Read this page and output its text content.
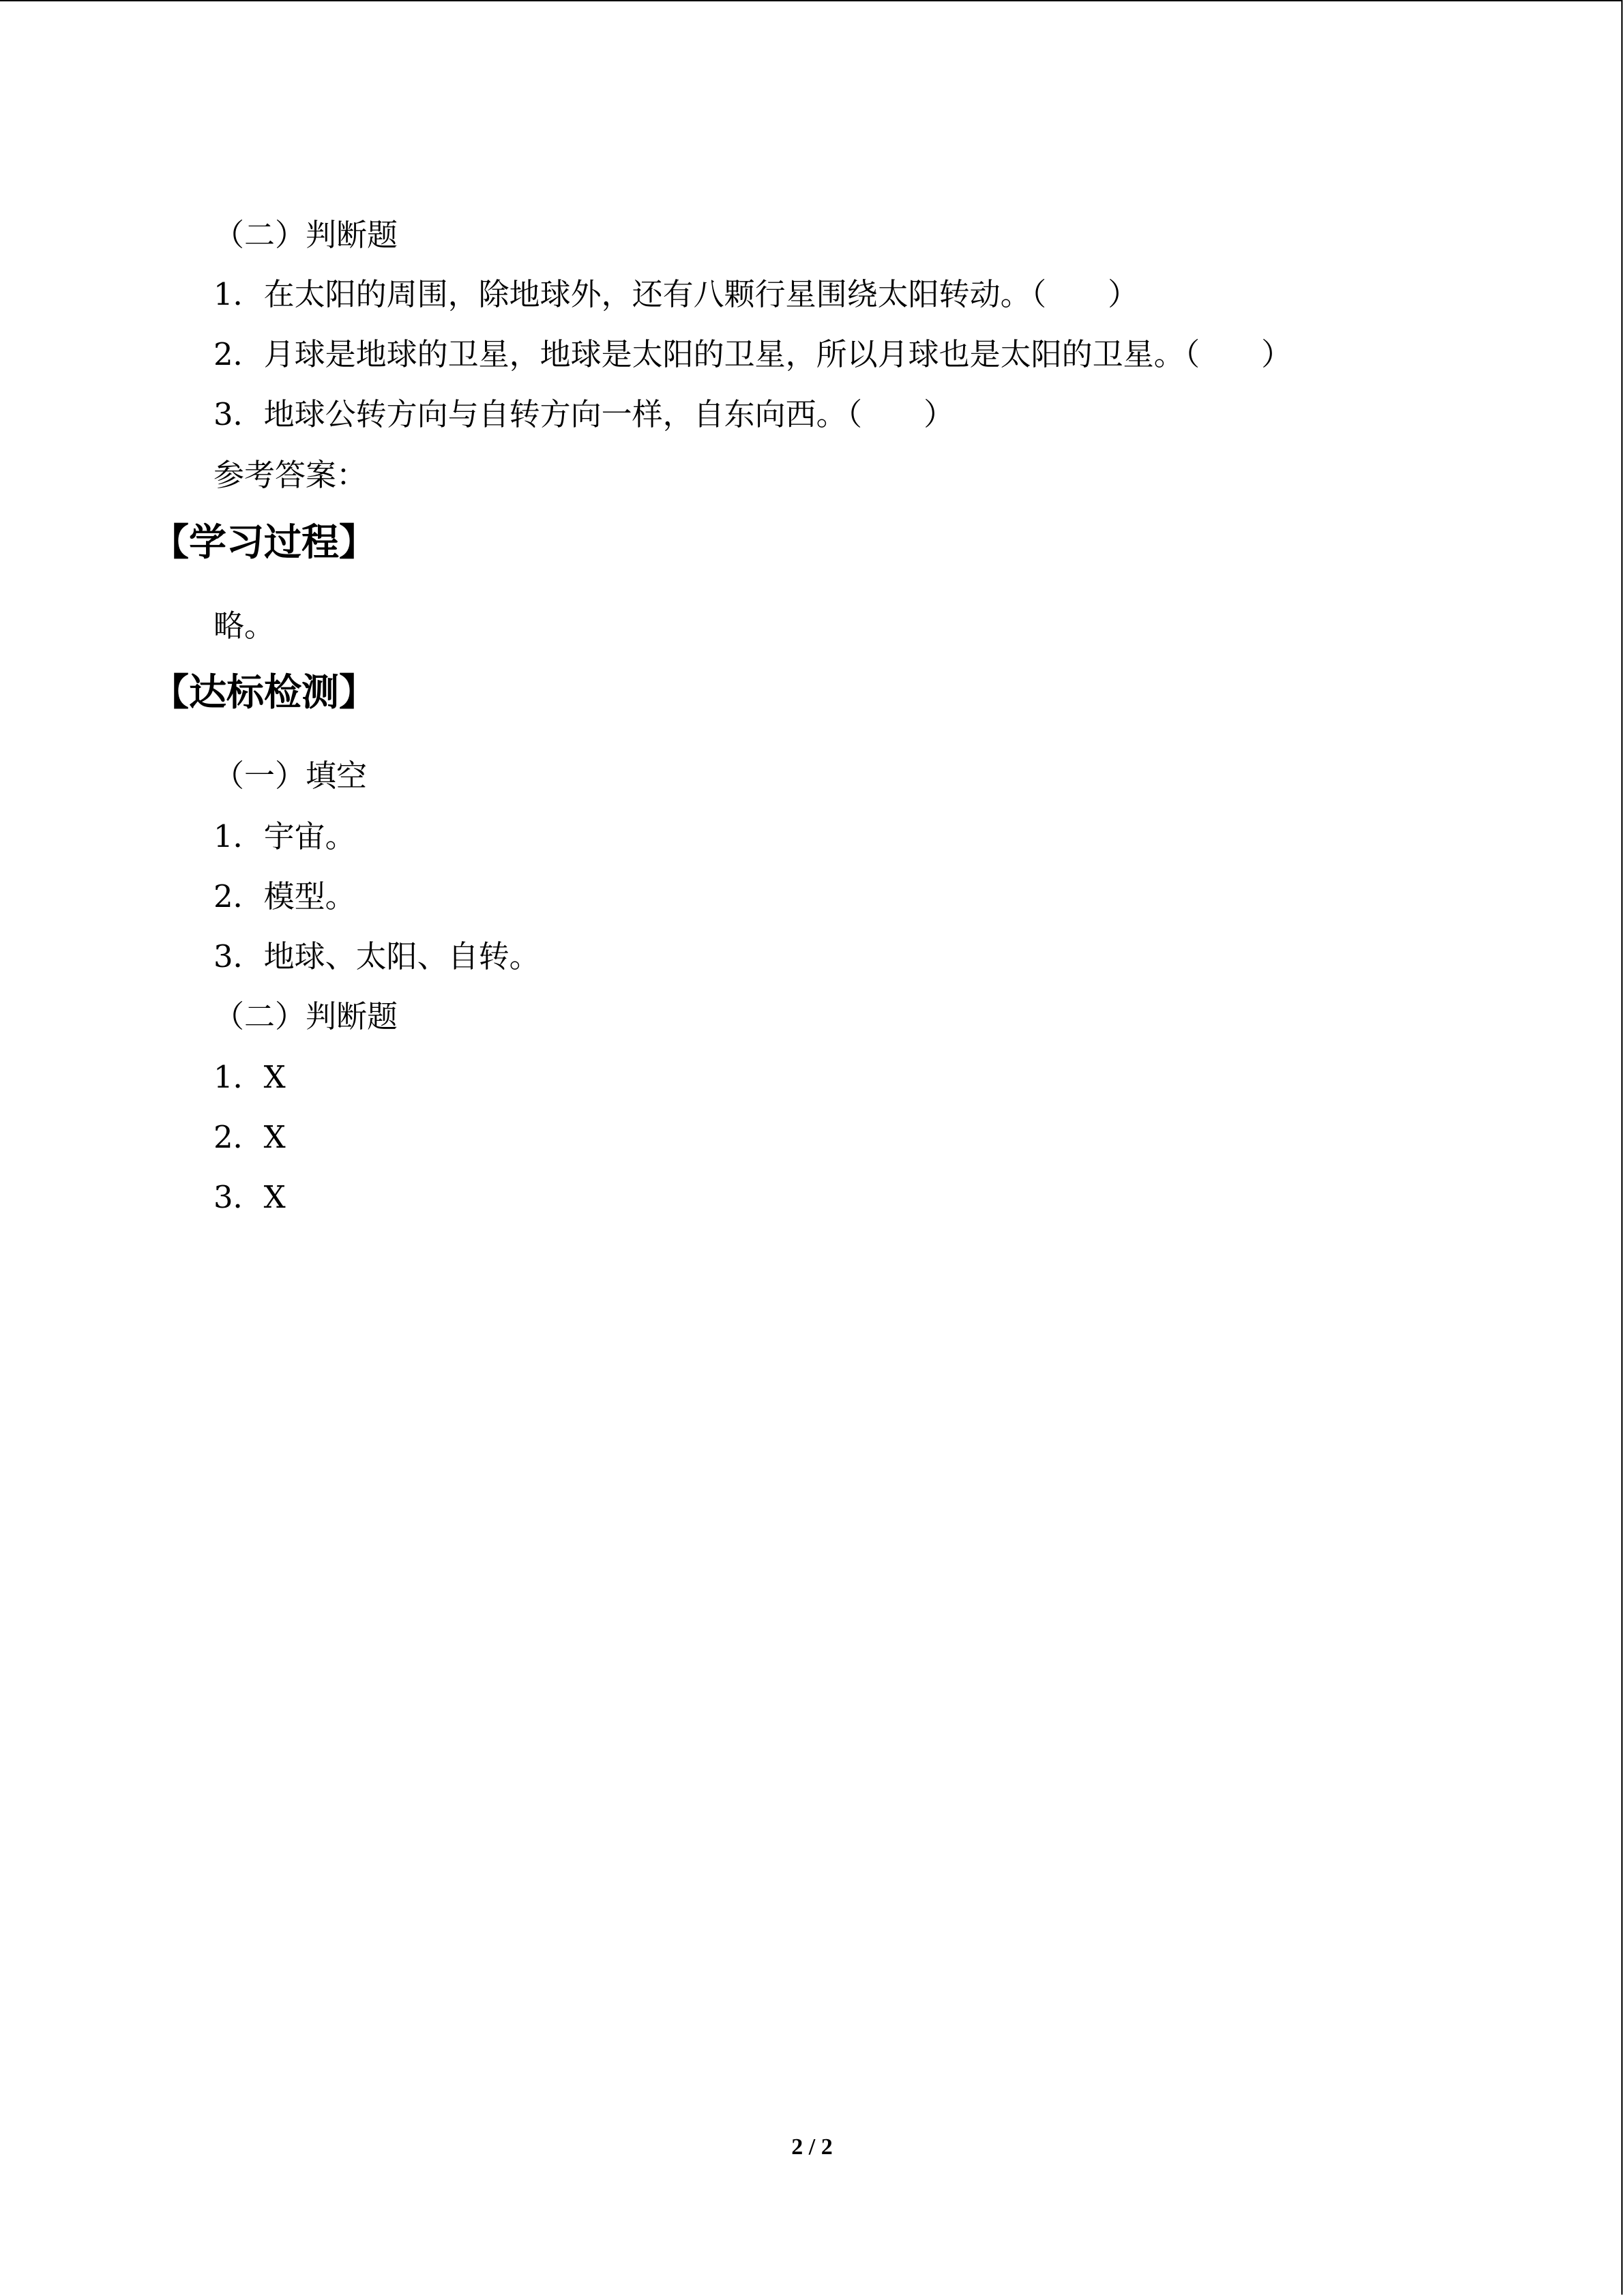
（二）判断题
1．在太阳的周围，除地球外，还有八颗行星围绕太阳转动。（　　）
2．月球是地球的卫星，地球是太阳的卫星，所以月球也是太阳的卫星。（　　）
3．地球公转方向与自转方向一样，自东向西。（　　）
参考答案：
【学习过程】
略。
【达标检测】
（一）填空
1．宇宙。
2．模型。
3．地球、太阳、自转。
（二）判断题
1．X
2．X
3．X
2 / 2
